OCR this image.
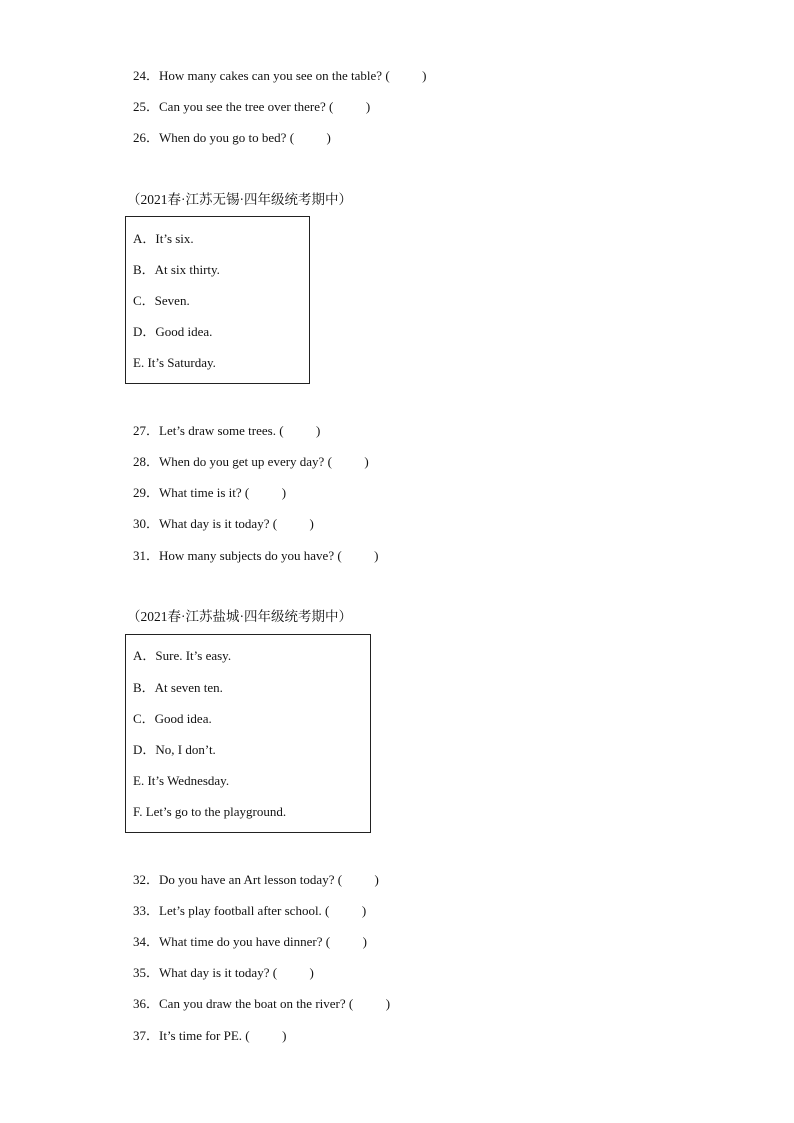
24．How many cakes can you see on the table? (          )
25．Can you see the tree over there? (          )
26．When do you go to bed? (          )
（2021春·江苏无锡·四年级统考期中）
A．It’s six.
B．At six thirty.
C．Seven.
D．Good idea.
E. It’s Saturday.
27．Let’s draw some trees. (          )
28．When do you get up every day? (          )
29．What time is it? (          )
30．What day is it today? (          )
31．How many subjects do you have? (          )
（2021春·江苏盐城·四年级统考期中）
A．Sure. It’s easy.
B．At seven ten.
C．Good idea.
D．No, I don’t.
E. It’s Wednesday.
F. Let’s go to the playground.
32．Do you have an Art lesson today? (          )
33．Let’s play football after school. (          )
34．What time do you have dinner? (          )
35．What day is it today? (          )
36．Can you draw the boat on the river? (          )
37．It’s time for PE. (          )
